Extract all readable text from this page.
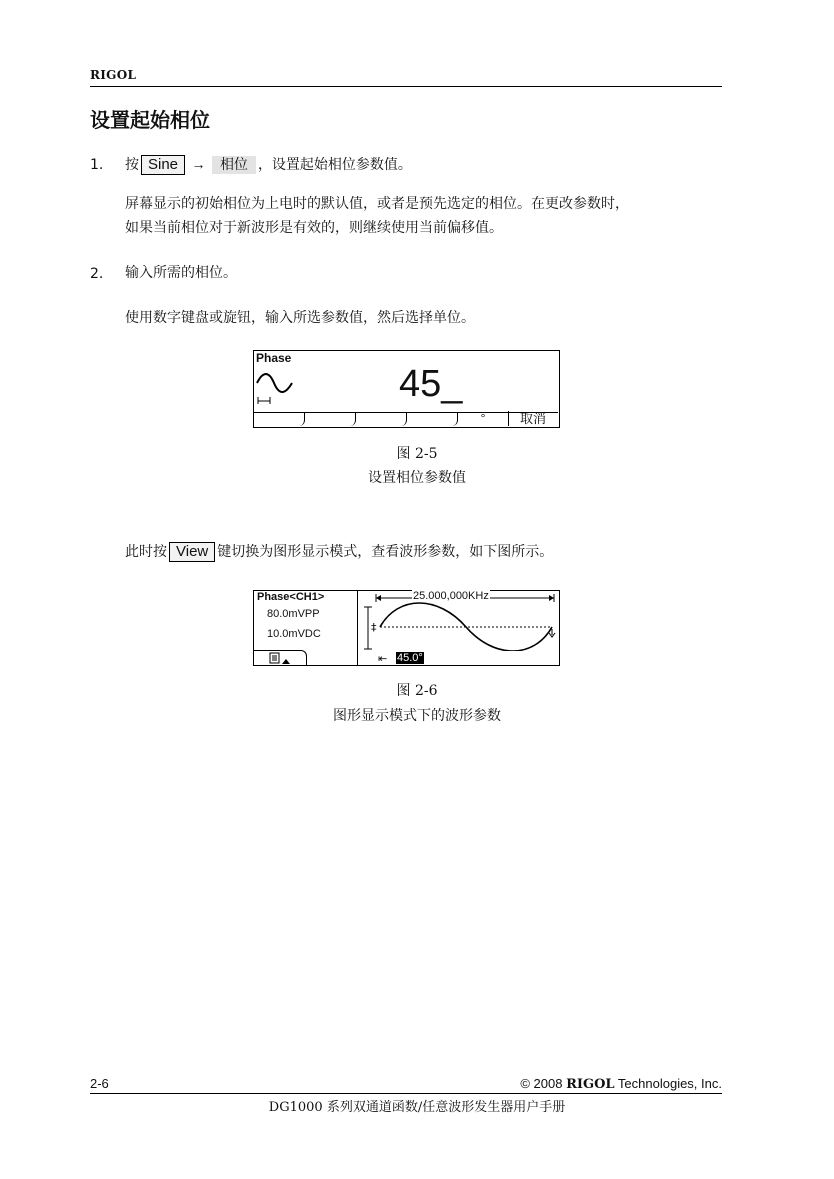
RIGOL
设置起始相位
1. 按 Sine → 相位 ，设置起始相位参数值。
屏幕显示的初始相位为上电时的默认值，或者是预先选定的相位。在更改参数时，
如果当前相位对于新波形是有效的，则继续使用当前偏移值。
2. 输入所需的相位。
使用数字键盘或旋钮，输入所选参数值，然后选择单位。
Phase
45_
°	取消
图 2-5
设置相位参数值
此时按 View 键切换为图形显示模式，查看波形参数，如下图所示。
Phase<CH1>
80.0mVPP
10.0mVDC
25.000,000KHz
‡
⇤ 45.0°
图 2-6
图形显示模式下的波形参数
2-6	© 2008 RIGOL Technologies, Inc.
DG1000 系列双通道函数/任意波形发生器用户手册
